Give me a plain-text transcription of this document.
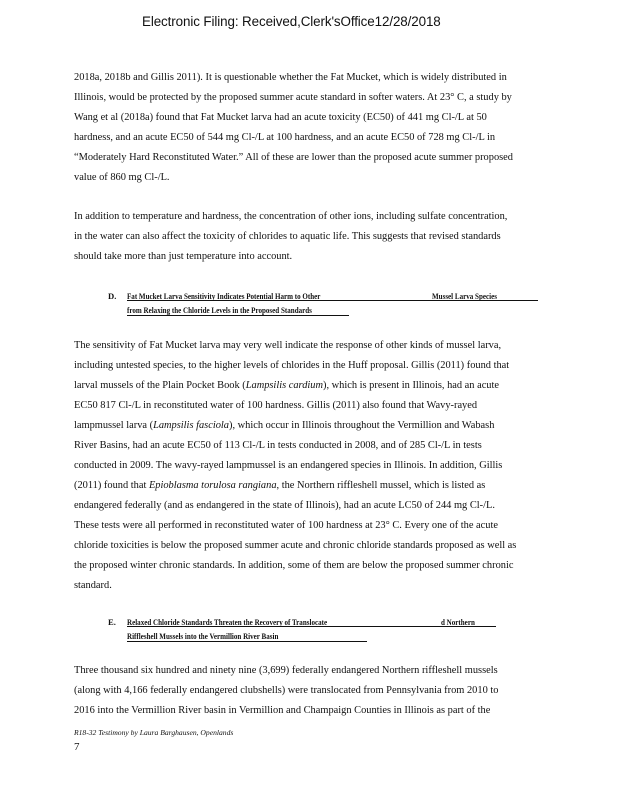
Electronic Filing: Received,Clerk'sOffice12/28/2018
2018a, 2018b and Gillis 2011). It is questionable whether the Fat Mucket, which is widely distributed in
Illinois, would be protected by the proposed summer acute standard in softer waters. At 23° C, a study by
Wang et al (2018a) found that Fat Mucket larva had an acute toxicity (EC50) of 441 mg Cl-/L at 50
hardness, and an acute EC50 of 544 mg Cl-/L at 100 hardness, and an acute EC50 of 728 mg Cl-/L in
“Moderately Hard Reconstituted Water.” All of these are lower than the proposed acute summer proposed
value of 860 mg Cl-/L.
In addition to temperature and hardness, the concentration of other ions, including sulfate concentration,
in the water can also affect the toxicity of chlorides to aquatic life. This suggests that revised standards
should take more than just temperature into account.
D. Fat Mucket Larva Sensitivity Indicates Potential Harm to Other	Mussel Larva Species
from Relaxing the Chloride Levels in the Proposed Standards
The sensitivity of Fat Mucket larva may very well indicate the response of other kinds of mussel larva,
including untested species, to the higher levels of chlorides in the Huff proposal. Gillis (2011) found that
larval mussels of the Plain Pocket Book (Lampsilis cardium), which is present in Illinois, had an acute
EC50 817 Cl-/L in reconstituted water of 100 hardness. Gillis (2011) also found that Wavy-rayed
lampmussel larva (Lampsilis fasciola), which occur in Illinois throughout the Vermillion and Wabash
River Basins, had an acute EC50 of 113 Cl-/L in tests conducted in 2008, and of 285 Cl-/L in tests
conducted in 2009. The wavy-rayed lampmussel is an endangered species in Illinois. In addition, Gillis
(2011) found that Epioblasma torulosa rangiana, the Northern riffleshell mussel, which is listed as
endangered federally (and as endangered in the state of Illinois), had an acute LC50 of 244 mg Cl-/L.
These tests were all performed in reconstituted water of 100 hardness at 23° C. Every one of the acute
chloride toxicities is below the proposed summer acute and chronic chloride standards proposed as well as
the proposed winter chronic standards. In addition, some of them are below the proposed summer chronic
standard.
E. Relaxed Chloride Standards Threaten the Recovery of Translocate	d Northern
Riffleshell Mussels into the Vermillion River Basin
Three thousand six hundred and ninety nine (3,699) federally endangered Northern riffleshell mussels
(along with 4,166 federally endangered clubshells) were translocated from Pennsylvania from 2010 to
2016 into the Vermillion River basin in Vermillion and Champaign Counties in Illinois as part of the
R18-32 Testimony by Laura Barghausen, Openlands
7
